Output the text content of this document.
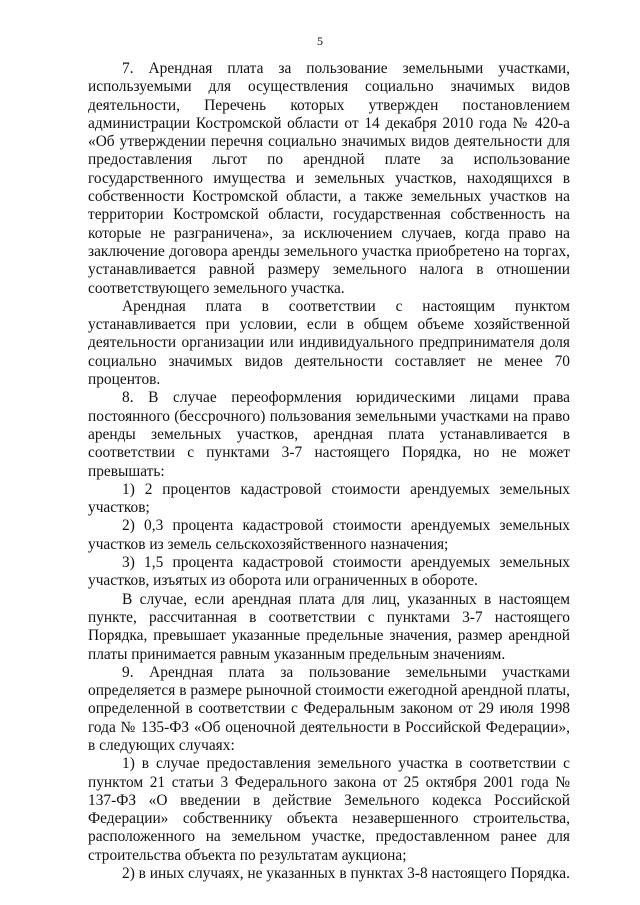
5

7. Арендная плата за пользование земельными участками, используемыми для осуществления социально значимых видов деятельности, Перечень которых утвержден постановлением администрации Костромской области от 14 декабря 2010 года № 420-а «Об утверждении перечня социально значимых видов деятельности для предоставления льгот по арендной плате за использование государственного имущества и земельных участков, находящихся в собственности Костромской области, а также земельных участков на территории Костромской области, государственная собственность на которые не разграничена», за исключением случаев, когда право на заключение договора аренды земельного участка приобретено на торгах, устанавливается равной размеру земельного налога в отношении соответствующего земельного участка.

Арендная плата в соответствии с настоящим пунктом устанавливается при условии, если в общем объеме хозяйственной деятельности организации или индивидуального предпринимателя доля социально значимых видов деятельности составляет не менее 70 процентов.

8. В случае переоформления юридическими лицами права постоянного (бессрочного) пользования земельными участками на право аренды земельных участков, арендная плата устанавливается в соответствии с пунктами 3-7 настоящего Порядка, но не может превышать:

1) 2 процентов кадастровой стоимости арендуемых земельных участков;

2) 0,3 процента кадастровой стоимости арендуемых земельных участков из земель сельскохозяйственного назначения;

3) 1,5 процента кадастровой стоимости арендуемых земельных участков, изъятых из оборота или ограниченных в обороте.

В случае, если арендная плата для лиц, указанных в настоящем пункте, рассчитанная в соответствии с пунктами 3-7 настоящего Порядка, превышает указанные предельные значения, размер арендной платы принимается равным указанным предельным значениям.

9. Арендная плата за пользование земельными участками определяется в размере рыночной стоимости ежегодной арендной платы, определенной в соответствии с Федеральным законом от 29 июля 1998 года № 135-ФЗ «Об оценочной деятельности в Российской Федерации», в следующих случаях:

1) в случае предоставления земельного участка в соответствии с пунктом 21 статьи 3 Федерального закона от 25 октября 2001 года № 137-ФЗ «О введении в действие Земельного кодекса Российской Федерации» собственнику объекта незавершенного строительства, расположенного на земельном участке, предоставленном ранее для строительства объекта по результатам аукциона;

2) в иных случаях, не указанных в пунктах 3-8 настоящего Порядка.
